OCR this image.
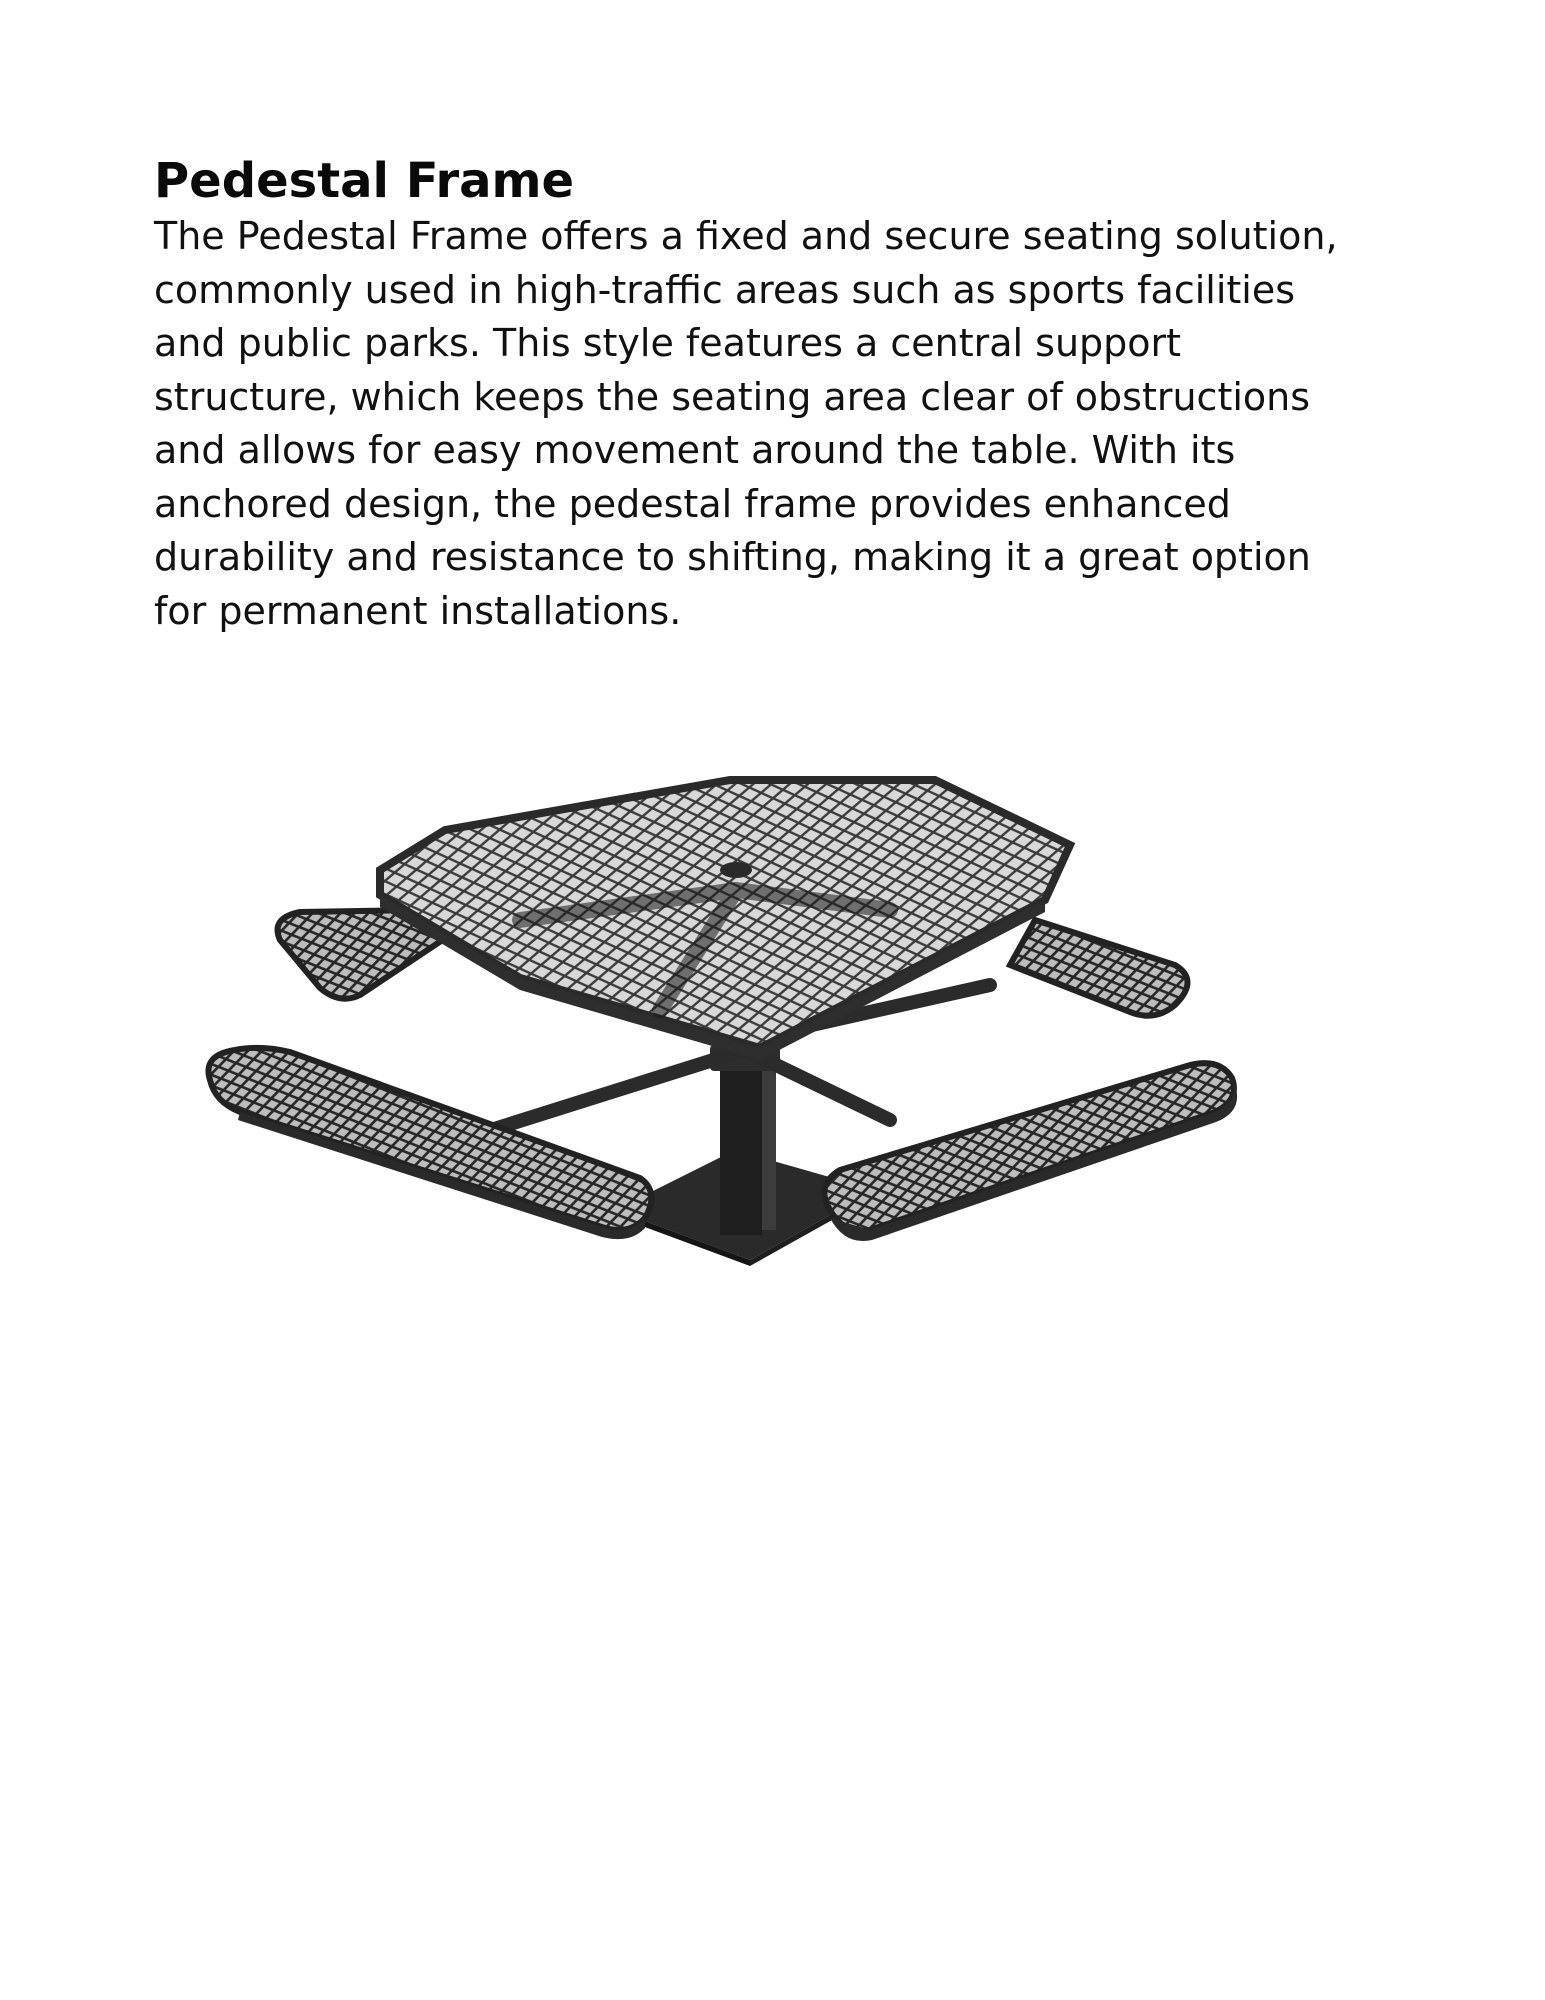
Pedestal Frame

The Pedestal Frame offers a fixed and secure seating solution, commonly used in high-traffic areas such as sports facilities and public parks. This style features a central support structure, which keeps the seating area clear of obstructions and allows for easy movement around the table. With its anchored design, the pedestal frame provides enhanced durability and resistance to shifting, making it a great option for permanent installations.
